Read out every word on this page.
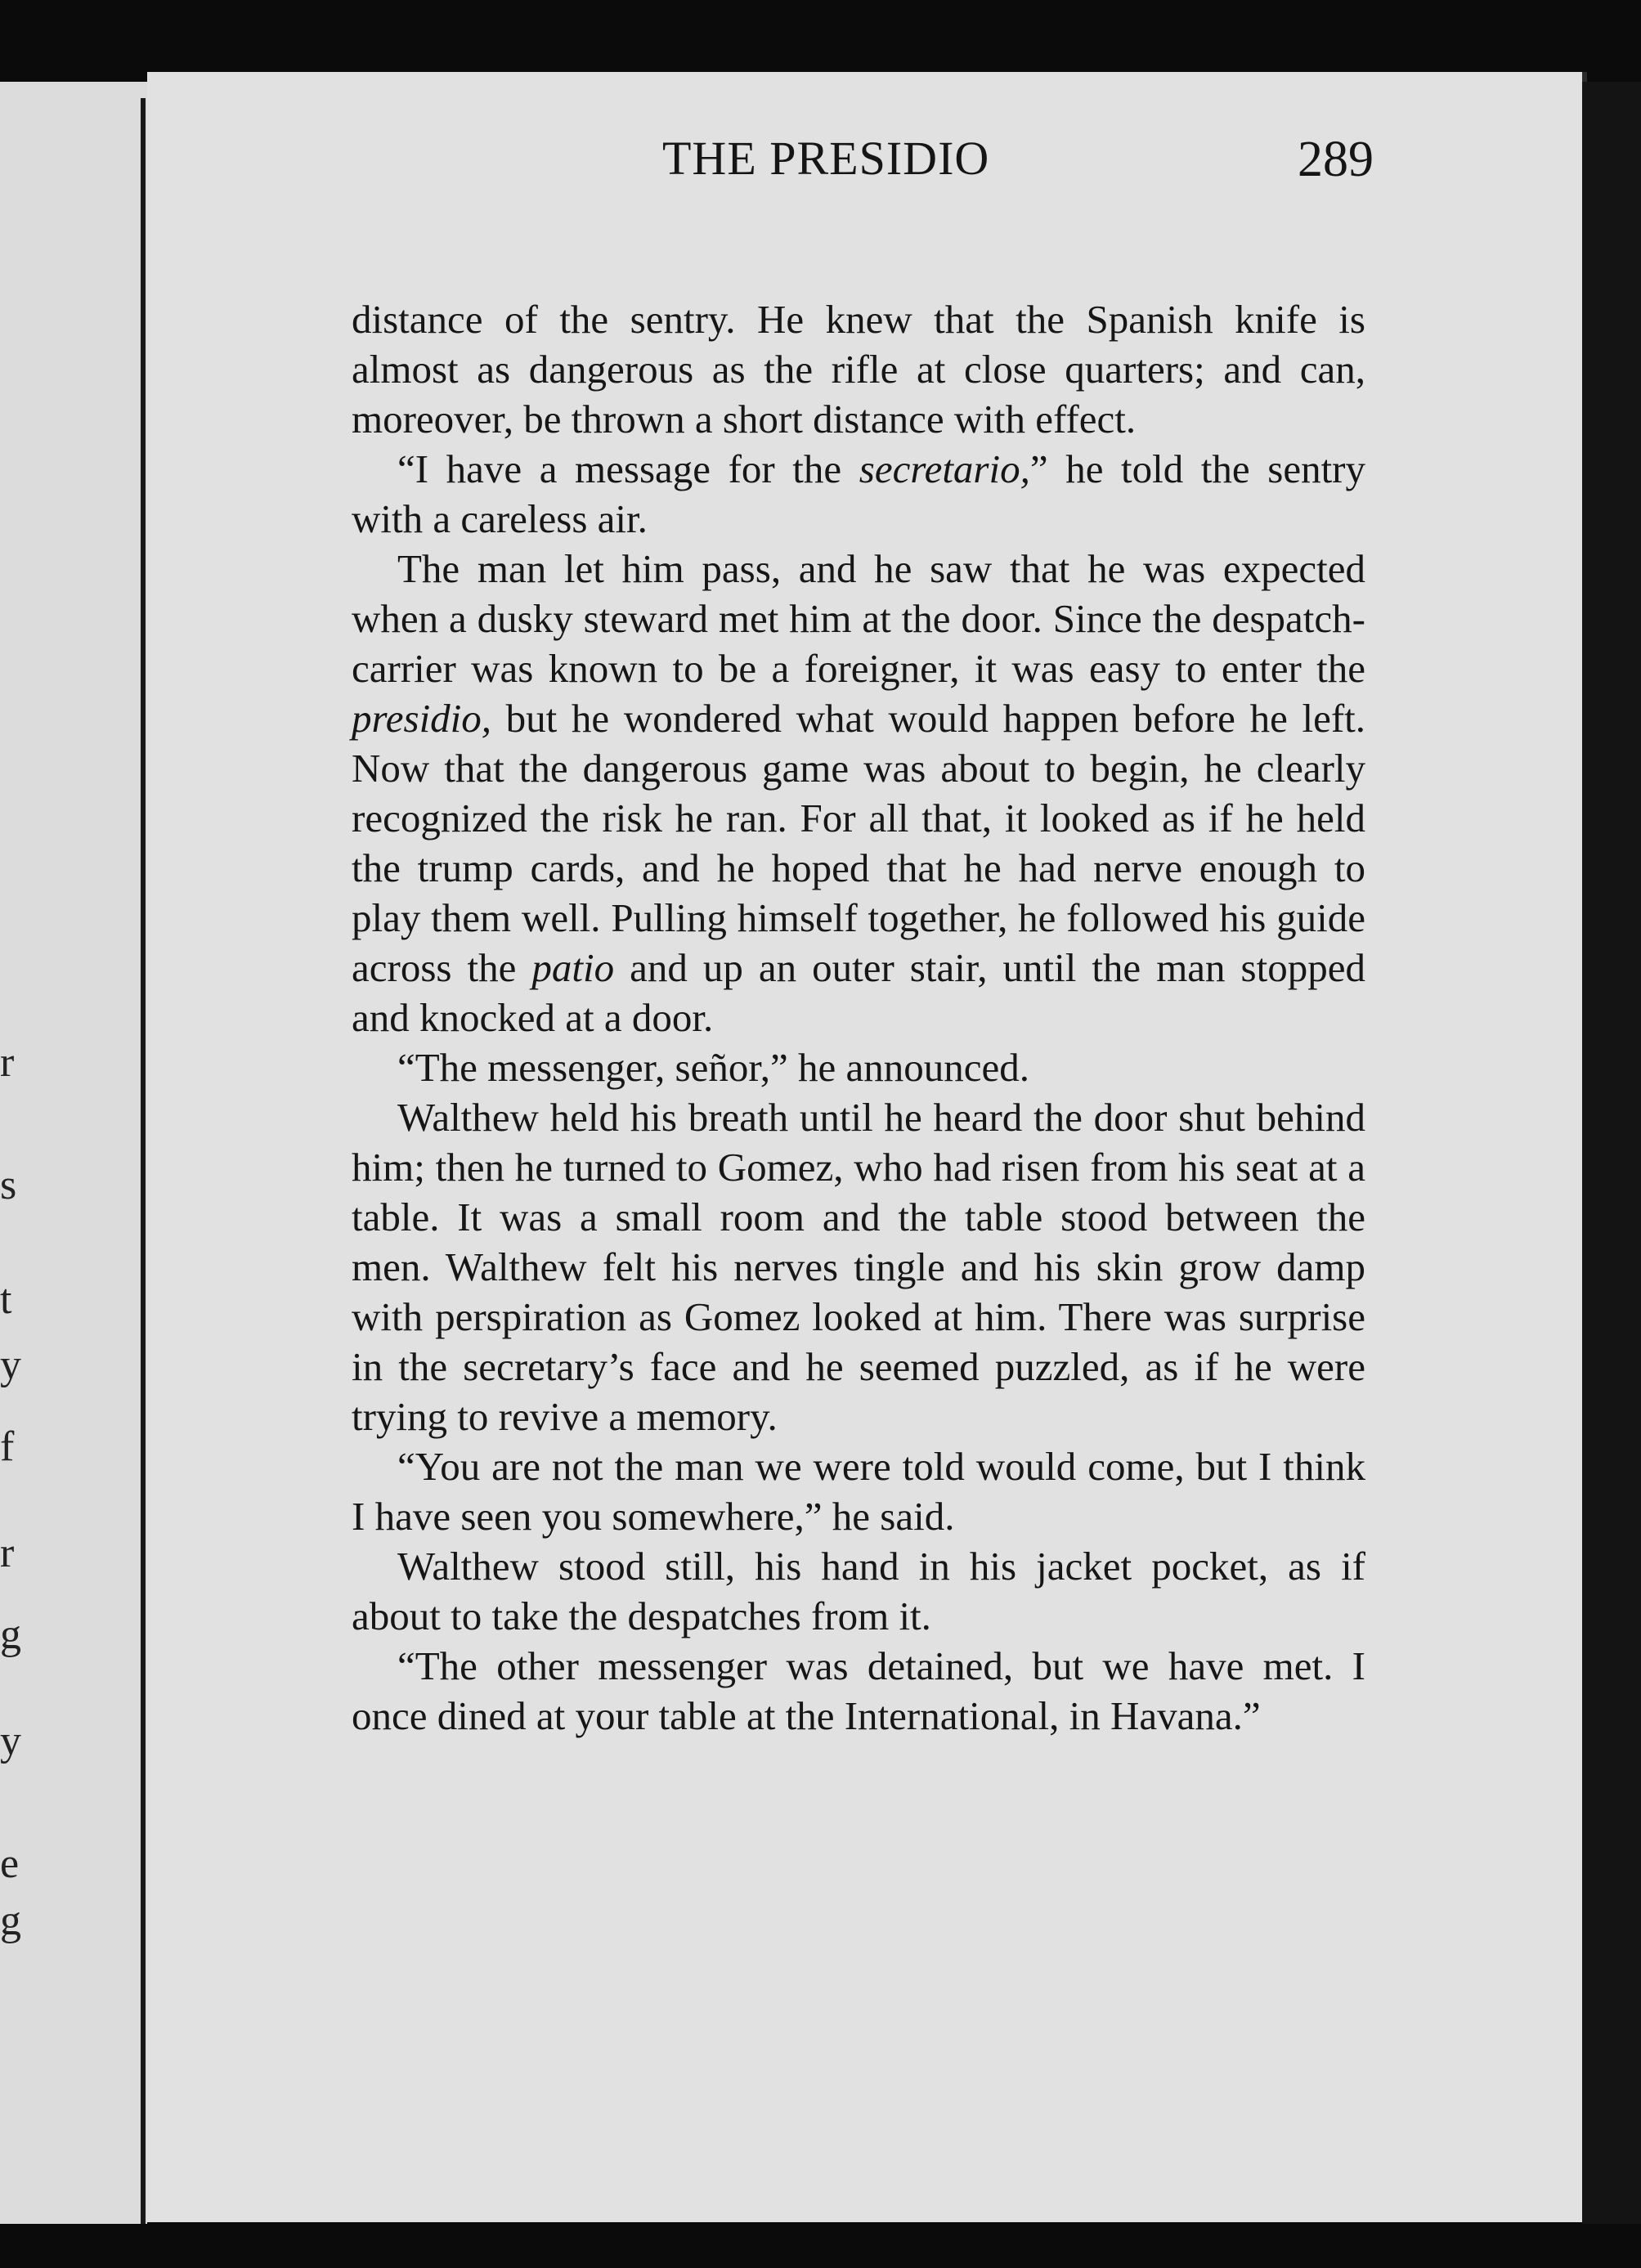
r
s
t
y
f
r
g
y
e
g
THE PRESIDIO	289

distance of the sentry. He knew that the Spanish knife is almost as dangerous as the rifle at close quarters; and can, moreover, be thrown a short distance with effect.

“I have a message for the secretario,” he told the sentry with a careless air.

The man let him pass, and he saw that he was expected when a dusky steward met him at the door. Since the despatch-carrier was known to be a foreigner, it was easy to enter the presidio, but he wondered what would happen before he left. Now that the dangerous game was about to begin, he clearly recognized the risk he ran. For all that, it looked as if he held the trump cards, and he hoped that he had nerve enough to play them well. Pulling himself together, he followed his guide across the patio and up an outer stair, until the man stopped and knocked at a door.

“The messenger, señor,” he announced.

Walthew held his breath until he heard the door shut behind him; then he turned to Gomez, who had risen from his seat at a table. It was a small room and the table stood between the men. Walthew felt his nerves tingle and his skin grow damp with perspiration as Gomez looked at him. There was surprise in the secretary’s face and he seemed puzzled, as if he were trying to revive a memory.

“You are not the man we were told would come, but I think I have seen you somewhere,” he said.

Walthew stood still, his hand in his jacket pocket, as if about to take the despatches from it.

“The other messenger was detained, but we have met. I once dined at your table at the International, in Havana.”
